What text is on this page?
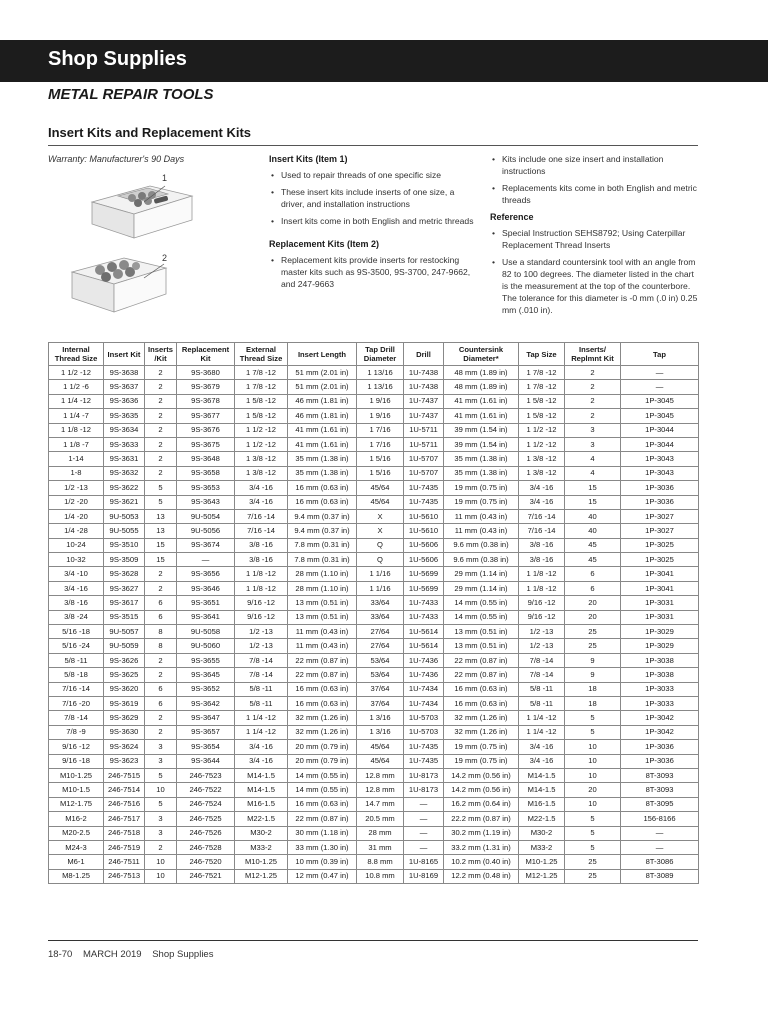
Shop Supplies
METAL REPAIR TOOLS
Insert Kits and Replacement Kits
Warranty: Manufacturer's 90 Days
1
2
Insert Kits (Item 1)
• Used to repair threads of one specific size
• These insert kits include inserts of one size, a driver, and installation instructions
• Insert kits come in both English and metric threads
Replacement Kits (Item 2)
• Replacement kits provide inserts for restocking master kits such as 9S-3500, 9S-3700, 247-9662, and 247-9663
• Kits include one size insert and installation instructions
• Replacements kits come in both English and metric threads
Reference
• Special Instruction SEHS8792; Using Caterpillar Replacement Thread Inserts
• Use a standard countersink tool with an angle from 82 to 100 degrees. The diameter listed in the chart is the measurement at the top of the counterbore. The tolerance for this diameter is -0 mm (.0 in) 0.25 mm (.010 in).
Internal Thread Size	Insert Kit	Inserts /Kit	Replacement Kit	External Thread Size	Insert Length	Tap Drill Diameter	Drill	Countersink Diameter*	Tap Size	Inserts/ Replmnt Kit	Tap
1 1/2 -12	9S-3638	2	9S-3680	1 7/8 -12	51 mm (2.01 in)	1 13/16	1U-7438	48 mm (1.89 in)	1 7/8 -12	2	—
1 1/2 -6	9S-3637	2	9S-3679	1 7/8 -12	51 mm (2.01 in)	1 13/16	1U-7438	48 mm (1.89 in)	1 7/8 -12	2	—
1 1/4 -12	9S-3636	2	9S-3678	1 5/8 -12	46 mm (1.81 in)	1 9/16	1U-7437	41 mm (1.61 in)	1 5/8 -12	2	1P-3045
1 1/4 -7	9S-3635	2	9S-3677	1 5/8 -12	46 mm (1.81 in)	1 9/16	1U-7437	41 mm (1.61 in)	1 5/8 -12	2	1P-3045
1 1/8 -12	9S-3634	2	9S-3676	1 1/2 -12	41 mm (1.61 in)	1 7/16	1U-5711	39 mm (1.54 in)	1 1/2 -12	3	1P-3044
1 1/8 -7	9S-3633	2	9S-3675	1 1/2 -12	41 mm (1.61 in)	1 7/16	1U-5711	39 mm (1.54 in)	1 1/2 -12	3	1P-3044
1-14	9S-3631	2	9S-3648	1 3/8 -12	35 mm (1.38 in)	1 5/16	1U-5707	35 mm (1.38 in)	1 3/8 -12	4	1P-3043
1-8	9S-3632	2	9S-3658	1 3/8 -12	35 mm (1.38 in)	1 5/16	1U-5707	35 mm (1.38 in)	1 3/8 -12	4	1P-3043
1/2 -13	9S-3622	5	9S-3653	3/4 -16	16 mm (0.63 in)	45/64	1U-7435	19 mm (0.75 in)	3/4 -16	15	1P-3036
1/2 -20	9S-3621	5	9S-3643	3/4 -16	16 mm (0.63 in)	45/64	1U-7435	19 mm (0.75 in)	3/4 -16	15	1P-3036
1/4 -20	9U-5053	13	9U-5054	7/16 -14	9.4 mm (0.37 in)	X	1U-5610	11 mm (0.43 in)	7/16 -14	40	1P-3027
1/4 -28	9U-5055	13	9U-5056	7/16 -14	9.4 mm (0.37 in)	X	1U-5610	11 mm (0.43 in)	7/16 -14	40	1P-3027
10-24	9S-3510	15	9S-3674	3/8 -16	7.8 mm (0.31 in)	Q	1U-5606	9.6 mm (0.38 in)	3/8 -16	45	1P-3025
10-32	9S-3509	15	—	3/8 -16	7.8 mm (0.31 in)	Q	1U-5606	9.6 mm (0.38 in)	3/8 -16	45	1P-3025
3/4 -10	9S-3628	2	9S-3656	1 1/8 -12	28 mm (1.10 in)	1 1/16	1U-5699	29 mm (1.14 in)	1 1/8 -12	6	1P-3041
3/4 -16	9S-3627	2	9S-3646	1 1/8 -12	28 mm (1.10 in)	1 1/16	1U-5699	29 mm (1.14 in)	1 1/8 -12	6	1P-3041
3/8 -16	9S-3617	6	9S-3651	9/16 -12	13 mm (0.51 in)	33/64	1U-7433	14 mm (0.55 in)	9/16 -12	20	1P-3031
3/8 -24	9S-3515	6	9S-3641	9/16 -12	13 mm (0.51 in)	33/64	1U-7433	14 mm (0.55 in)	9/16 -12	20	1P-3031
5/16 -18	9U-5057	8	9U-5058	1/2 -13	11 mm (0.43 in)	27/64	1U-5614	13 mm (0.51 in)	1/2 -13	25	1P-3029
5/16 -24	9U-5059	8	9U-5060	1/2 -13	11 mm (0.43 in)	27/64	1U-5614	13 mm (0.51 in)	1/2 -13	25	1P-3029
5/8 -11	9S-3626	2	9S-3655	7/8 -14	22 mm (0.87 in)	53/64	1U-7436	22 mm (0.87 in)	7/8 -14	9	1P-3038
5/8 -18	9S-3625	2	9S-3645	7/8 -14	22 mm (0.87 in)	53/64	1U-7436	22 mm (0.87 in)	7/8 -14	9	1P-3038
7/16 -14	9S-3620	6	9S-3652	5/8 -11	16 mm (0.63 in)	37/64	1U-7434	16 mm (0.63 in)	5/8 -11	18	1P-3033
7/16 -20	9S-3619	6	9S-3642	5/8 -11	16 mm (0.63 in)	37/64	1U-7434	16 mm (0.63 in)	5/8 -11	18	1P-3033
7/8 -14	9S-3629	2	9S-3647	1 1/4 -12	32 mm (1.26 in)	1 3/16	1U-5703	32 mm (1.26 in)	1 1/4 -12	5	1P-3042
7/8 -9	9S-3630	2	9S-3657	1 1/4 -12	32 mm (1.26 in)	1 3/16	1U-5703	32 mm (1.26 in)	1 1/4 -12	5	1P-3042
9/16 -12	9S-3624	3	9S-3654	3/4 -16	20 mm (0.79 in)	45/64	1U-7435	19 mm (0.75 in)	3/4 -16	10	1P-3036
9/16 -18	9S-3623	3	9S-3644	3/4 -16	20 mm (0.79 in)	45/64	1U-7435	19 mm (0.75 in)	3/4 -16	10	1P-3036
M10-1.25	246-7515	5	246-7523	M14-1.5	14 mm (0.55 in)	12.8 mm	1U-8173	14.2 mm (0.56 in)	M14-1.5	10	8T-3093
M10-1.5	246-7514	10	246-7522	M14-1.5	14 mm (0.55 in)	12.8 mm	1U-8173	14.2 mm (0.56 in)	M14-1.5	20	8T-3093
M12-1.75	246-7516	5	246-7524	M16-1.5	16 mm (0.63 in)	14.7 mm	—	16.2 mm (0.64 in)	M16-1.5	10	8T-3095
M16-2	246-7517	3	246-7525	M22-1.5	22 mm (0.87 in)	20.5 mm	—	22.2 mm (0.87 in)	M22-1.5	5	156-8166
M20-2.5	246-7518	3	246-7526	M30-2	30 mm (1.18 in)	28 mm	—	30.2 mm (1.19 in)	M30-2	5	—
M24-3	246-7519	2	246-7528	M33-2	33 mm (1.30 in)	31 mm	—	33.2 mm (1.31 in)	M33-2	5	—
M6-1	246-7511	10	246-7520	M10-1.25	10 mm (0.39 in)	8.8 mm	1U-8165	10.2 mm (0.40 in)	M10-1.25	25	8T-3086
M8-1.25	246-7513	10	246-7521	M12-1.25	12 mm (0.47 in)	10.8 mm	1U-8169	12.2 mm (0.48 in)	M12-1.25	25	8T-3089
18-70 MARCH 2019 Shop Supplies
